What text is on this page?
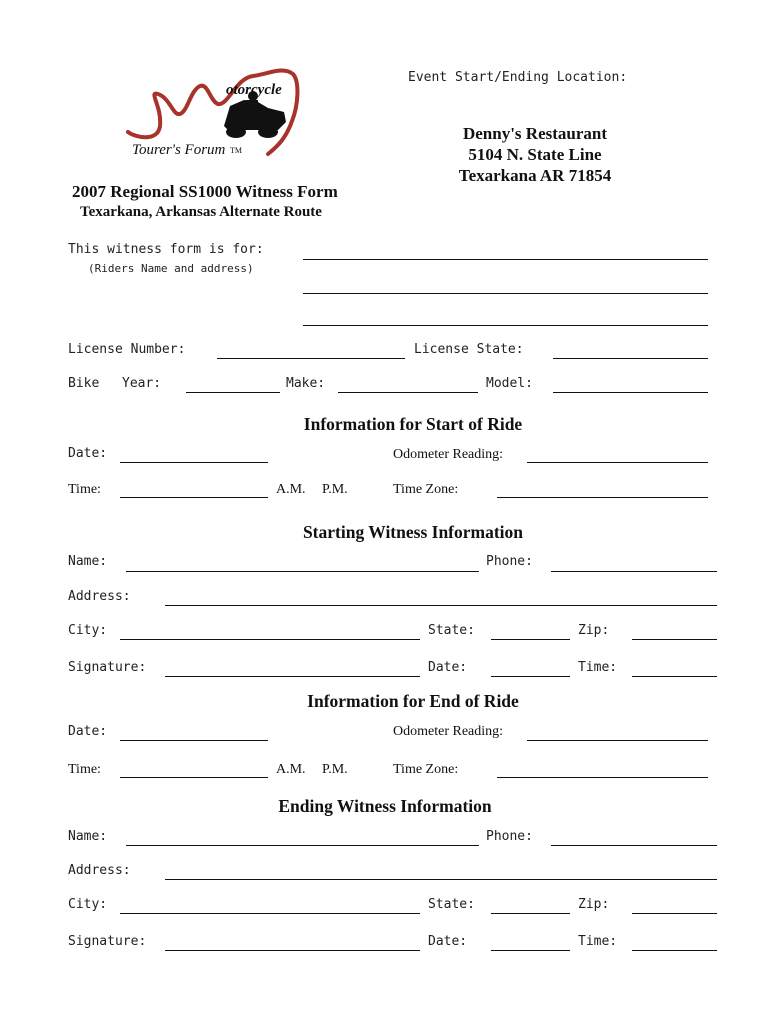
otorcycle
Tourer's Forum TM
Event Start/Ending Location:
Denny's Restaurant
5104 N. State Line
Texarkana AR 71854
2007 Regional SS1000 Witness Form
Texarkana, Arkansas Alternate Route
This witness form is for:
(Riders Name and address)
License Number:	License State:
Bike Year:	Make:	Model:
Information for Start of Ride
Date:	Odometer Reading:
Time:	A.M. P.M.	Time Zone:
Starting Witness Information
Name:	Phone:
Address:
City:	State:	Zip:
Signature:	Date:	Time:
Information for End of Ride
Date:	Odometer Reading:
Time:	A.M. P.M.	Time Zone:
Ending Witness Information
Name:	Phone:
Address:
City:	State:	Zip:
Signature:	Date:	Time:
